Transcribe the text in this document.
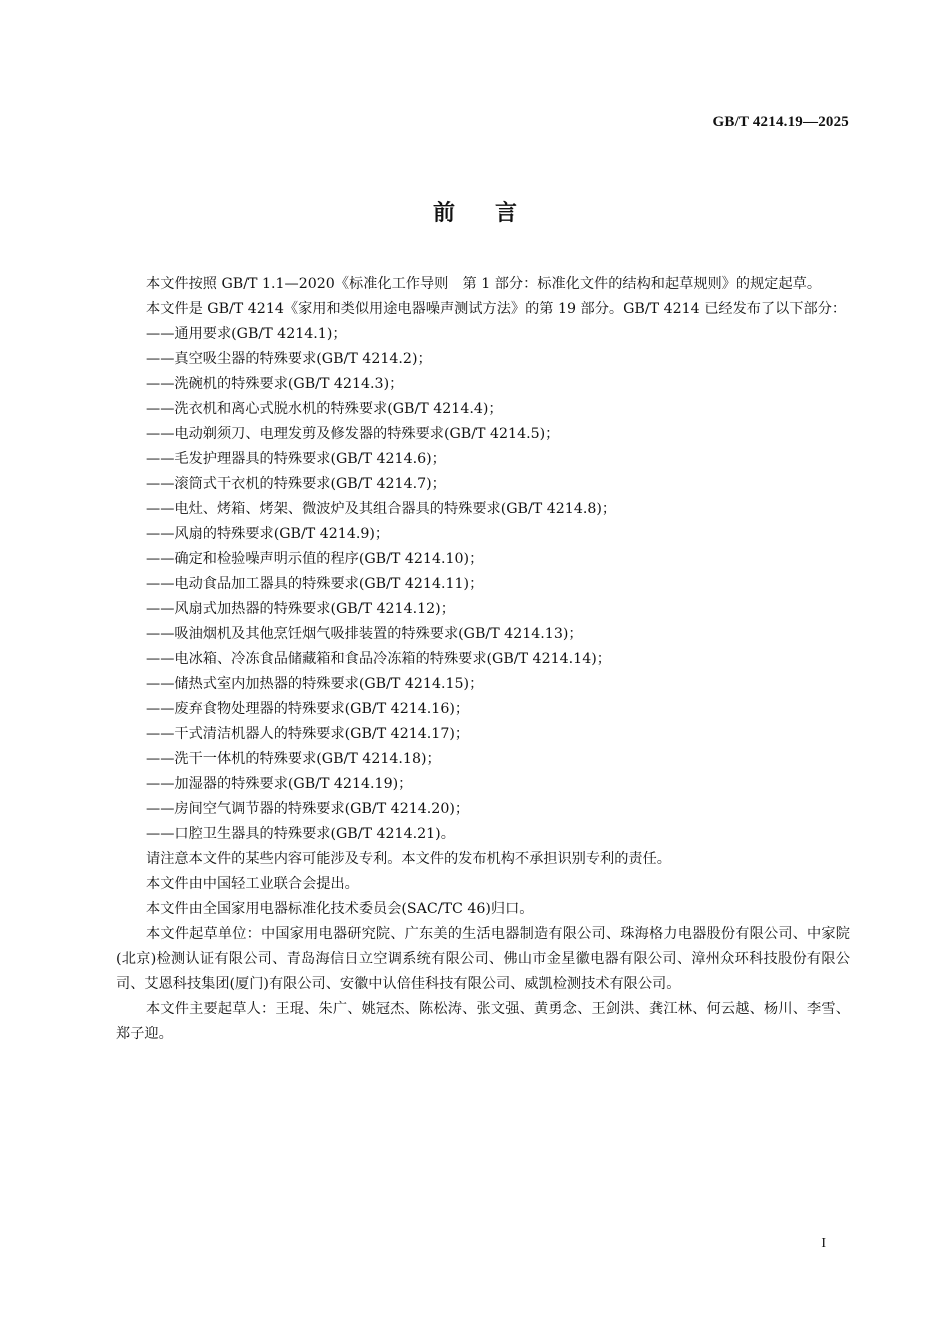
GB/T 4214.19—2025
前言

本文件按照 GB/T 1.1—2020《标准化工作导则　第 1 部分：标准化文件的结构和起草规则》的规定起草。

本文件是 GB/T 4214《家用和类似用途电器噪声测试方法》的第 19 部分。GB/T 4214 已经发布了以下部分：

——通用要求(GB/T 4214.1)；
——真空吸尘器的特殊要求(GB/T 4214.2)；
——洗碗机的特殊要求(GB/T 4214.3)；
——洗衣机和离心式脱水机的特殊要求(GB/T 4214.4)；
——电动剃须刀、电理发剪及修发器的特殊要求(GB/T 4214.5)；
——毛发护理器具的特殊要求(GB/T 4214.6)；
——滚筒式干衣机的特殊要求(GB/T 4214.7)；
——电灶、烤箱、烤架、微波炉及其组合器具的特殊要求(GB/T 4214.8)；
——风扇的特殊要求(GB/T 4214.9)；
——确定和检验噪声明示值的程序(GB/T 4214.10)；
——电动食品加工器具的特殊要求(GB/T 4214.11)；
——风扇式加热器的特殊要求(GB/T 4214.12)；
——吸油烟机及其他烹饪烟气吸排装置的特殊要求(GB/T 4214.13)；
——电冰箱、冷冻食品储藏箱和食品冷冻箱的特殊要求(GB/T 4214.14)；
——储热式室内加热器的特殊要求(GB/T 4214.15)；
——废弃食物处理器的特殊要求(GB/T 4214.16)；
——干式清洁机器人的特殊要求(GB/T 4214.17)；
——洗干一体机的特殊要求(GB/T 4214.18)；
——加湿器的特殊要求(GB/T 4214.19)；
——房间空气调节器的特殊要求(GB/T 4214.20)；
——口腔卫生器具的特殊要求(GB/T 4214.21)。

请注意本文件的某些内容可能涉及专利。本文件的发布机构不承担识别专利的责任。

本文件由中国轻工业联合会提出。

本文件由全国家用电器标准化技术委员会(SAC/TC 46)归口。

本文件起草单位：中国家用电器研究院、广东美的生活电器制造有限公司、珠海格力电器股份有限公司、中家院(北京)检测认证有限公司、青岛海信日立空调系统有限公司、佛山市金星徽电器有限公司、漳州众环科技股份有限公司、艾恩科技集团(厦门)有限公司、安徽中认倍佳科技有限公司、威凯检测技术有限公司。

本文件主要起草人：王琨、朱广、姚冠杰、陈松涛、张文强、黄勇念、王剑洪、龚江林、何云越、杨川、李雪、郑子迎。

I
